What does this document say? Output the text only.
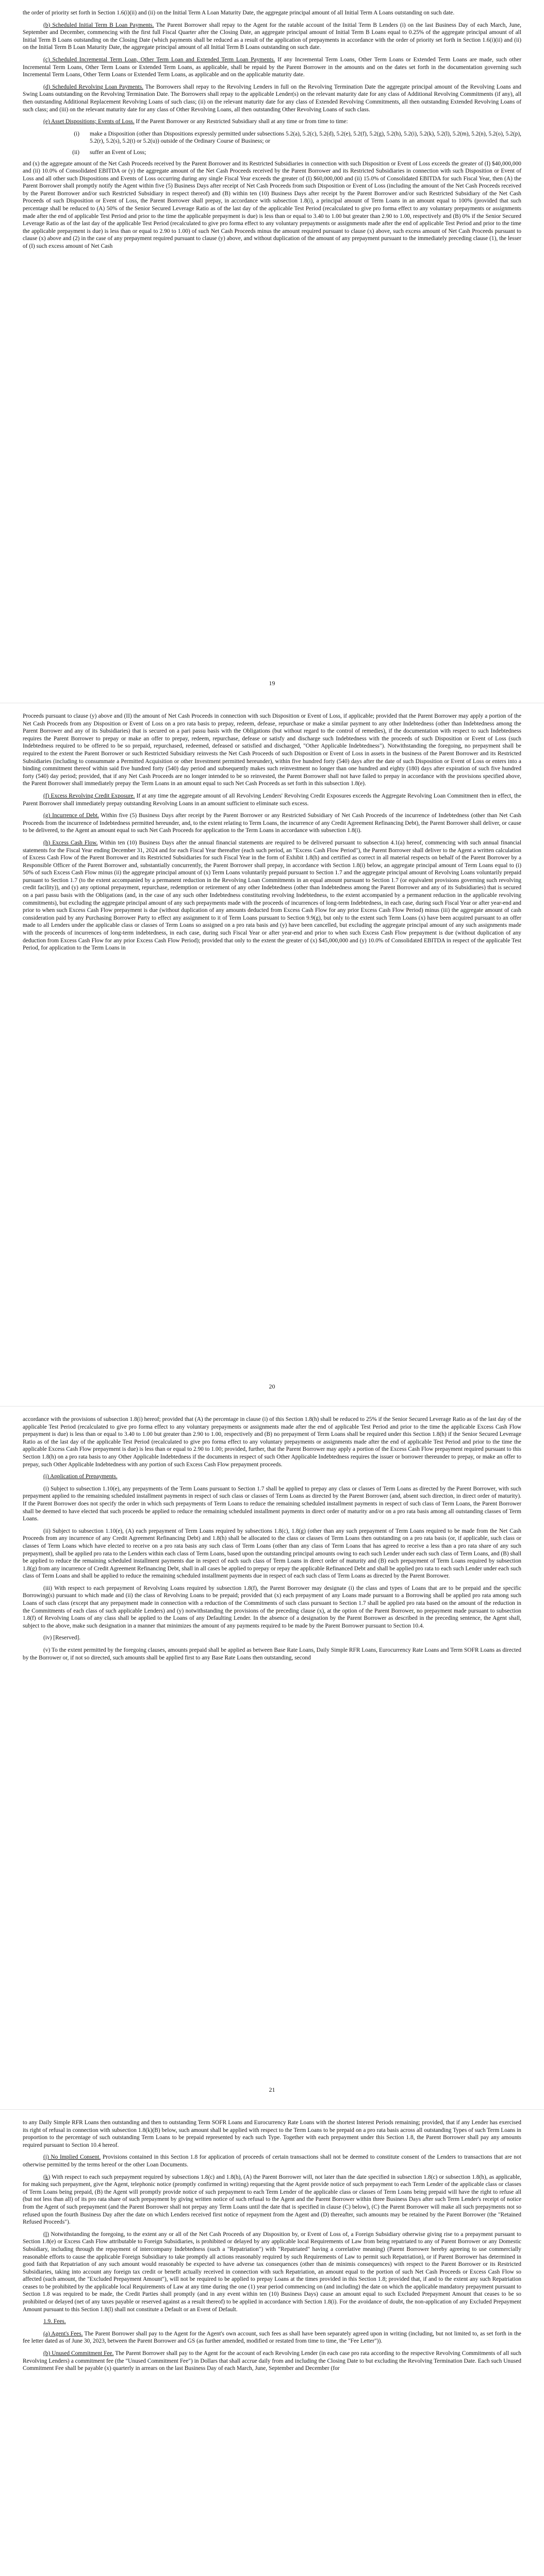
the order of priority set forth in Section 1.6(i)(ii) and (ii) on the Initial Term A Loan Maturity Date, the aggregate principal amount of all Initial Term A Loans outstanding on such date.

(b) Scheduled Initial Term B Loan Payments. The Parent Borrower shall repay to the Agent for the ratable account of the Initial Term B Lenders (i) on the last Business Day of each March, June, September and December, commencing with the first full Fiscal Quarter after the Closing Date, an aggregate principal amount of Initial Term B Loans equal to 0.25% of the aggregate principal amount of all Initial Term B Loans outstanding on the Closing Date (which payments shall be reduced as a result of the application of prepayments in accordance with the order of priority set forth in Section 1.6(i)(ii) and (ii) on the Initial Term B Loan Maturity Date, the aggregate principal amount of all Initial Term B Loans outstanding on such date.

(c) Scheduled Incremental Term Loan, Other Term Loan and Extended Term Loan Payments. If any Incremental Term Loans, Other Term Loans or Extended Term Loans are made, such other Incremental Term Loans, Other Term Loans or Extended Term Loans, as applicable, shall be repaid by the Parent Borrower in the amounts and on the dates set forth in the documentation governing such Incremental Term Loans, Other Term Loans or Extended Term Loans, as applicable and on the applicable maturity date.

(d) Scheduled Revolving Loan Payments. The Borrowers shall repay to the Revolving Lenders in full on the Revolving Termination Date the aggregate principal amount of the Revolving Loans and Swing Loans outstanding on the Revolving Termination Date. The Borrowers shall repay to the applicable Lender(s) on the relevant maturity date for any class of Additional Revolving Commitments (if any), all then outstanding Additional Replacement Revolving Loans of such class; (ii) on the relevant maturity date for any class of Extended Revolving Commitments, all then outstanding Extended Revolving Loans of such class; and (iii) on the relevant maturity date for any class of Other Revolving Loans, all then outstanding Other Revolving Loans of such class.

(e) Asset Dispositions; Events of Loss. If the Parent Borrower or any Restricted Subsidiary shall at any time or from time to time:

(i)	make a Disposition (other than Dispositions expressly permitted under subsections 5.2(a), 5.2(c), 5.2(d), 5.2(e), 5.2(f), 5.2(g), 5.2(h), 5.2(i), 5.2(k), 5.2(l), 5.2(m), 5.2(n), 5.2(o), 5.2(p), 5.2(r), 5.2(s), 5.2(t) or 5.2(u)) outside of the Ordinary Course of Business; or
(ii)	suffer an Event of Loss;

and (x) the aggregate amount of the Net Cash Proceeds received by the Parent Borrower and its Restricted Subsidiaries in connection with such Disposition or Event of Loss exceeds the greater of (I) $40,000,000 and (ii) 10.0% of Consolidated EBITDA or (y) the aggregate amount of the Net Cash Proceeds received by the Parent Borrower and its Restricted Subsidiaries in connection with such Disposition or Event of Loss and all other such Dispositions and Events of Loss occurring during any single Fiscal Year exceeds the greater of (I) $60,000,000 and (ii) 15.0% of Consolidated EBITDA for such Fiscal Year, then (A) the Parent Borrower shall promptly notify the Agent within five (5) Business Days after receipt of Net Cash Proceeds from such Disposition or Event of Loss (including the amount of the Net Cash Proceeds received by the Parent Borrower and/or such Restricted Subsidiary in respect thereof) and (B) within ten (10) Business Days after receipt by the Parent Borrower and/or such Restricted Subsidiary of the Net Cash Proceeds of such Disposition or Event of Loss, the Parent Borrower shall prepay, in accordance with subsection 1.8(i), a principal amount of Term Loans in an amount equal to 100% (provided that such percentage shall be reduced to (A) 50% of the Senior Secured Leverage Ratio as of the last day of the applicable Test Period (recalculated to give pro forma effect to any voluntary prepayments or assignments made after the end of applicable Test Period and prior to the time the applicable prepayment is due) is less than or equal to 3.40 to 1.00 but greater than 2.90 to 1.00, respectively and (B) 0% if the Senior Secured Leverage Ratio as of the last day of the applicable Test Period (recalculated to give pro forma effect to any voluntary prepayments or assignments made after the end of applicable Test Period and prior to the time the applicable prepayment is due) is less than or equal to 2.90 to 1.00) of such Net Cash Proceeds minus the amount required pursuant to clause (x) above, such excess amount of Net Cash Proceeds pursuant to clause (x) above and (2) in the case of any prepayment required pursuant to clause (y) above, and without duplication of the amount of any prepayment pursuant to the immediately preceding clause (1), the lesser of (I) such excess amount of Net Cash

19

Proceeds pursuant to clause (y) above and (II) the amount of Net Cash Proceeds in connection with such Disposition or Event of Loss, if applicable; provided that the Parent Borrower may apply a portion of the Net Cash Proceeds from any Disposition or Event of Loss on a pro rata basis to prepay, redeem, defease, repurchase or make a similar payment to any other Indebtedness (other than Indebtedness among the Parent Borrower and any of its Subsidiaries) that is secured on a pari passu basis with the Obligations (but without regard to the control of remedies), if the documentation with respect to such Indebtedness requires the Parent Borrower to prepay or make an offer to prepay, redeem, repurchase, defease or satisfy and discharge such Indebtedness with the proceeds of such Disposition or Event of Loss (such Indebtedness required to be offered to be so prepaid, repurchased, redeemed, defeased or satisfied and discharged, "Other Applicable Indebtedness"). Notwithstanding the foregoing, no prepayment shall be required to the extent the Parent Borrower or such Restricted Subsidiary reinvests the Net Cash Proceeds of such Disposition or Event of Loss in assets in the business of the Parent Borrower and its Restricted Subsidiaries (including to consummate a Permitted Acquisition or other Investment permitted hereunder), within five hundred forty (540) days after the date of such Disposition or Event of Loss or enters into a binding commitment thereof within said five hundred forty (540) day period and subsequently makes such reinvestment no longer than one hundred and eighty (180) days after expiration of such five hundred forty (540) day period; provided, that if any Net Cash Proceeds are no longer intended to be so reinvested, the Parent Borrower shall not have failed to prepay in accordance with the provisions specified above, the Parent Borrower shall immediately prepay the Term Loans in an amount equal to such Net Cash Proceeds as set forth in this subsection 1.8(e).

(f) Excess Revolving Credit Exposure. If at any time the aggregate amount of all Revolving Lenders' Revolving Credit Exposures exceeds the Aggregate Revolving Loan Commitment then in effect, the Parent Borrower shall immediately prepay outstanding Revolving Loans in an amount sufficient to eliminate such excess.

(g) Incurrence of Debt. Within five (5) Business Days after receipt by the Parent Borrower or any Restricted Subsidiary of Net Cash Proceeds of the incurrence of Indebtedness (other than Net Cash Proceeds from the incurrence of Indebtedness permitted hereunder, and, to the extent relating to Term Loans, the incurrence of any Credit Agreement Refinancing Debt), the Parent Borrower shall deliver, or cause to be delivered, to the Agent an amount equal to such Net Cash Proceeds for application to the Term Loans in accordance with subsection 1.8(i).

(h) Excess Cash Flow. Within ten (10) Business Days after the annual financial statements are required to be delivered pursuant to subsection 4.1(a) hereof, commencing with such annual financial statements for the Fiscal Year ending December 31, 2024 and for each Fiscal Year thereafter (each such period, an "Excess Cash Flow Period"), the Parent Borrower shall deliver to the Agent a written calculation of Excess Cash Flow of the Parent Borrower and its Restricted Subsidiaries for such Fiscal Year in the form of Exhibit 1.8(h) and certified as correct in all material respects on behalf of the Parent Borrower by a Responsible Officer of the Parent Borrower and, substantially concurrently, the Parent Borrower shall prepay, in accordance with Section 1.8(i) below, an aggregate principal amount of Term Loans equal to (i) 50% of such Excess Cash Flow minus (ii) the aggregate principal amount of (x) Term Loans voluntarily prepaid pursuant to Section 1.7 and the aggregate principal amount of Revolving Loans voluntarily prepaid pursuant to Section 1.7 (to the extent accompanied by a permanent reduction in the Revolving Loan Commitments in an equal amount pursuant to Section 1.7 (or equivalent provisions governing such revolving credit facility)), and (y) any optional prepayment, repurchase, redemption or retirement of any other Indebtedness (other than Indebtedness among the Parent Borrower and any of its Subsidiaries) that is secured on a pari passu basis with the Obligations (and, in the case of any such other Indebtedness constituting revolving Indebtedness, to the extent accompanied by a permanent reduction in the applicable revolving commitments), but excluding the aggregate principal amount of any such prepayments made with the proceeds of incurrences of long-term Indebtedness, in each case, during such Fiscal Year or after year-end and prior to when such Excess Cash Flow prepayment is due (without duplication of any amounts deducted from Excess Cash Flow for any prior Excess Cash Flow Period) minus (iii) the aggregate amount of cash consideration paid by any Purchasing Borrower Party to effect any assignment to it of Term Loans pursuant to Section 9.9(g), but only to the extent such Term Loans (x) have been acquired pursuant to an offer made to all Lenders under the applicable class or classes of Term Loans so assigned on a pro rata basis and (y) have been cancelled, but excluding the aggregate principal amount of any such assignments made with the proceeds of incurrences of long-term indebtedness, in each case, during such Fiscal Year or after year-end and prior to when such Excess Cash Flow prepayment is due (without duplication of any deduction from Excess Cash Flow for any prior Excess Cash Flow Period); provided that only to the extent the greater of (x) $45,000,000 and (y) 10.0% of Consolidated EBITDA in respect of the applicable Test Period, for application to the Term Loans in

20

accordance with the provisions of subsection 1.8(i) hereof; provided that (A) the percentage in clause (i) of this Section 1.8(h) shall be reduced to 25% if the Senior Secured Leverage Ratio as of the last day of the applicable Test Period (recalculated to give pro forma effect to any voluntary prepayments or assignments made after the end of applicable Test Period and prior to the time the applicable Excess Cash Flow prepayment is due) is less than or equal to 3.40 to 1.00 but greater than 2.90 to 1.00, respectively and (B) no prepayment of Term Loans shall be required under this Section 1.8(h) if the Senior Secured Leverage Ratio as of the last day of the applicable Test Period (recalculated to give pro forma effect to any voluntary prepayments or assignments made after the end of applicable Test Period and prior to the time the applicable Excess Cash Flow prepayment is due) is less than or equal to 2.90 to 1.00; provided, further, that the Parent Borrower may apply a portion of the Excess Cash Flow prepayment required pursuant to this Section 1.8(h) on a pro rata basis to any Other Applicable Indebtedness if the documents in respect of such Other Applicable Indebtedness requires the issuer or borrower thereunder to prepay, or make an offer to prepay, such Other Applicable Indebtedness with any portion of such Excess Cash Flow prepayment proceeds.

(i) Application of Prepayments.

(i) Subject to subsection 1.10(e), any prepayments of the Term Loans pursuant to Section 1.7 shall be applied to prepay any class or classes of Term Loans as directed by the Parent Borrower, with such prepayment applied to the remaining scheduled installment payments in respect of such class or classes of Term Loans as directed by the Parent Borrower (and, absent such direction, in direct order of maturity). If the Parent Borrower does not specify the order in which such prepayments of Term Loans to reduce the remaining scheduled installment payments in respect of such class of Term Loans, the Parent Borrower shall be deemed to have elected that such proceeds be applied to reduce the remaining scheduled installment payments in direct order of maturity and/or on a pro rata basis among all outstanding classes of Term Loans.

(ii) Subject to subsection 1.10(e), (A) each prepayment of Term Loans required by subsections 1.8(c), 1.8(g) (other than any such prepayment of Term Loans required to be made from the Net Cash Proceeds from any incurrence of any Credit Agreement Refinancing Debt) and 1.8(h) shall be allocated to the class or classes of Term Loans then outstanding on a pro rata basis (or, if applicable, such class or classes of Term Loans which have elected to receive on a pro rata basis any such class of Term Loans (other than any class of Term Loans that has agreed to receive a less than a pro rata share of any such prepayment), shall be applied pro rata to the Lenders within each class of Term Loans, based upon the outstanding principal amounts owing to each such Lender under each such class of Term Loans, and (B) shall be applied to reduce the remaining scheduled installment payments due in respect of each such class of Term Loans in direct order of maturity and (B) each prepayment of Term Loans required by subsection 1.8(g) from any incurrence of Credit Agreement Refinancing Debt, shall in all cases be applied to prepay or repay the applicable Refinanced Debt and shall be applied pro rata to each such Lender under each such class of Term Loans and shall be applied to reduce the remaining scheduled installment payments due in respect of each such class of Term Loans as directed by the Parent Borrower.

(iii) With respect to each prepayment of Revolving Loans required by subsection 1.8(f), the Parent Borrower may designate (i) the class and types of Loans that are to be prepaid and the specific Borrowing(s) pursuant to which made and (ii) the class of Revolving Loans to be prepaid; provided that (x) each prepayment of any Loans made pursuant to a Borrowing shall be applied pro rata among such Loans of such class (except that any prepayment made in connection with a reduction of the Commitments of such class pursuant to Section 1.7 shall be applied pro rata based on the amount of the reduction in the Commitments of each class of such applicable Lenders) and (y) notwithstanding the provisions of the preceding clause (x), at the option of the Parent Borrower, no prepayment made pursuant to subsection 1.8(f) of Revolving Loans of any class shall be applied to the Loans of any Defaulting Lender. In the absence of a designation by the Parent Borrower as described in the preceding sentence, the Agent shall, subject to the above, make such designation in a manner that minimizes the amount of any payments required to be made by the Parent Borrower pursuant to Section 10.4.

(iv) [Reserved].

(v) To the extent permitted by the foregoing clauses, amounts prepaid shall be applied as between Base Rate Loans, Daily Simple RFR Loans, Eurocurrency Rate Loans and Term SOFR Loans as directed by the Borrower or, if not so directed, such amounts shall be applied first to any Base Rate Loans then outstanding, second

21

to any Daily Simple RFR Loans then outstanding and then to outstanding Term SOFR Loans and Eurocurrency Rate Loans with the shortest Interest Periods remaining; provided, that if any Lender has exercised its right of refusal in connection with subsection 1.8(k)(B) below, such amount shall be applied with respect to the Term Loans to be prepaid on a pro rata basis across all outstanding Types of such Term Loans in proportion to the percentage of such outstanding Term Loans to be prepaid represented by each such Type. Together with each prepayment under this Section 1.8, the Parent Borrower shall pay any amounts required pursuant to Section 10.4 hereof.

(j) No Implied Consent. Provisions contained in this Section 1.8 for application of proceeds of certain transactions shall not be deemed to constitute consent of the Lenders to transactions that are not otherwise permitted by the terms hereof or the other Loan Documents.

(k) With respect to each such prepayment required by subsections 1.8(c) and 1.8(h), (A) the Parent Borrower will, not later than the date specified in subsection 1.8(c) or subsection 1.8(h), as applicable, for making such prepayment, give the Agent, telephonic notice (promptly confirmed in writing) requesting that the Agent provide notice of such prepayment to each Term Lender of the applicable class or classes of Term Loans being prepaid, (B) the Agent will promptly provide notice of such prepayment to each Term Lender of the applicable class or classes of Term Loans being prepaid will have the right to refuse all (but not less than all) of its pro rata share of such prepayment by giving written notice of such refusal to the Agent and the Parent Borrower within three Business Days after such Term Lender's receipt of notice from the Agent of such prepayment (and the Parent Borrower shall not prepay any Term Loans until the date that is specified in clause (C) below), (C) the Parent Borrower will make all such prepayments not so refused upon the fourth Business Day after the date on which Lenders received first notice of repayment from the Agent and (D) thereafter, such amounts may be retained by the Parent Borrower (the "Retained Refused Proceeds").

(l) Notwithstanding the foregoing, to the extent any or all of the Net Cash Proceeds of any Disposition by, or Event of Loss of, a Foreign Subsidiary otherwise giving rise to a prepayment pursuant to Section 1.8(e) or Excess Cash Flow attributable to Foreign Subsidiaries, is prohibited or delayed by any applicable local Requirements of Law from being repatriated to any of Parent Borrower or any Domestic Subsidiary, including through the repayment of intercompany Indebtedness (such a "Repatriation") with "Repatriated" having a correlative meaning) (Parent Borrower hereby agreeing to use commercially reasonable efforts to cause the applicable Foreign Subsidiary to take promptly all actions reasonably required by such Requirements of Law to permit such Repatriation), or if Parent Borrower has determined in good faith that Repatriation of any such amount would reasonably be expected to have adverse tax consequences (other than de minimis consequences) with respect to the Parent Borrower or its Restricted Subsidiaries, taking into account any foreign tax credit or benefit actually received in connection with such Repatriation, an amount equal to the portion of such Net Cash Proceeds or Excess Cash Flow so affected (such amount, the "Excluded Prepayment Amount"), will not be required to be applied to prepay Loans at the times provided in this Section 1.8; provided that, if and to the extent any such Repatriation ceases to be prohibited by the applicable local Requirements of Law at any time during the one (1) year period commencing on (and including) the date on which the applicable mandatory prepayment pursuant to Section 1.8 was required to be made, the Credit Parties shall promptly (and in any event within ten (10) Business Days) cause an amount equal to such Excluded Prepayment Amount that ceases to be so prohibited or delayed (net of any taxes payable or reserved against as a result thereof) to be applied in accordance with Section 1.8(i). For the avoidance of doubt, the non-application of any Excluded Prepayment Amount pursuant to this Section 1.8(l) shall not constitute a Default or an Event of Default.

1.9. Fees.

(a) Agent's Fees. The Parent Borrower shall pay to the Agent for the Agent's own account, such fees as shall have been separately agreed upon in writing (including, but not limited to, as set forth in the fee letter dated as of June 30, 2023, between the Parent Borrower and GS (as further amended, modified or restated from time to time, the "Fee Letter")).

(b) Unused Commitment Fee. The Parent Borrower shall pay to the Agent for the account of each Revolving Lender (in each case pro rata according to the respective Revolving Commitments of all such Revolving Lenders) a commitment fee (the "Unused Commitment Fee") in Dollars that shall accrue daily from and including the Closing Date to but excluding the Revolving Termination Date. Each such Unused Commitment Fee shall be payable (x) quarterly in arrears on the last Business Day of each March, June, September and December (for
